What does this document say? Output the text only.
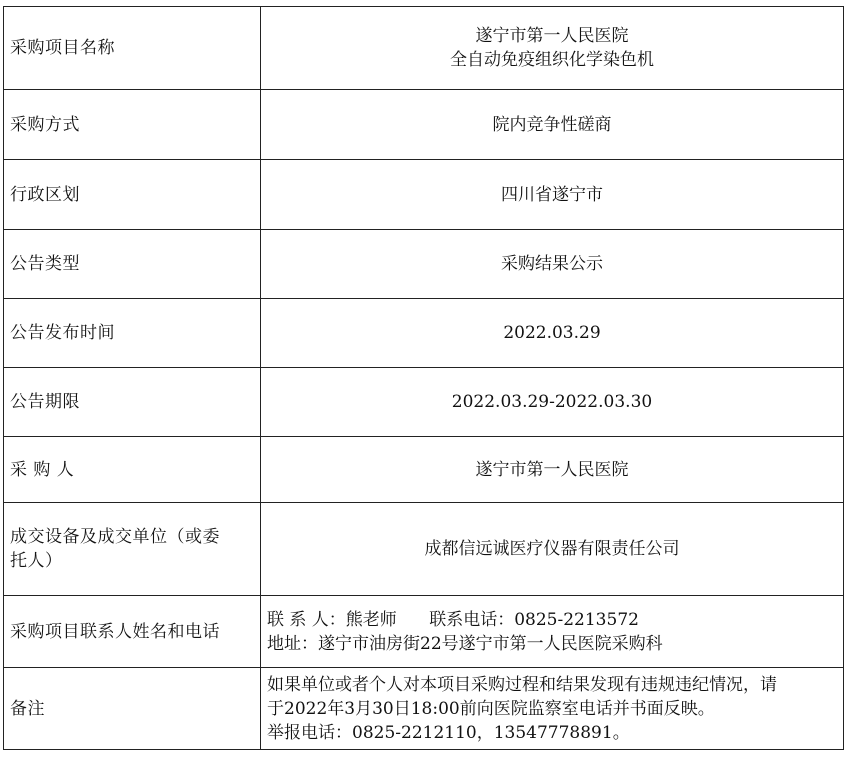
采购项目名称	遂宁市第一人民医院
全自动免疫组织化学染色机

采购方式	院内竞争性磋商
行政区划	四川省遂宁市
公告类型	采购结果公示
公告发布时间	2022.03.29
公告期限	2022.03.29-2022.03.30
采 购 人	遂宁市第一人民医院

成交设备及成交单位（或委
托人）	成都信远诚医疗仪器有限责任公司
采购项目联系人姓名和电话	联 系 人：熊老师      联系电话：0825-2213572
地址：遂宁市油房街22号遂宁市第一人民医院采购科

备注	如果单位或者个人对本项目采购过程和结果发现有违规违纪情况，请
于2022年3月30日18:00前向医院监察室电话并书面反映。
举报电话：0825-2212110，13547778891。
